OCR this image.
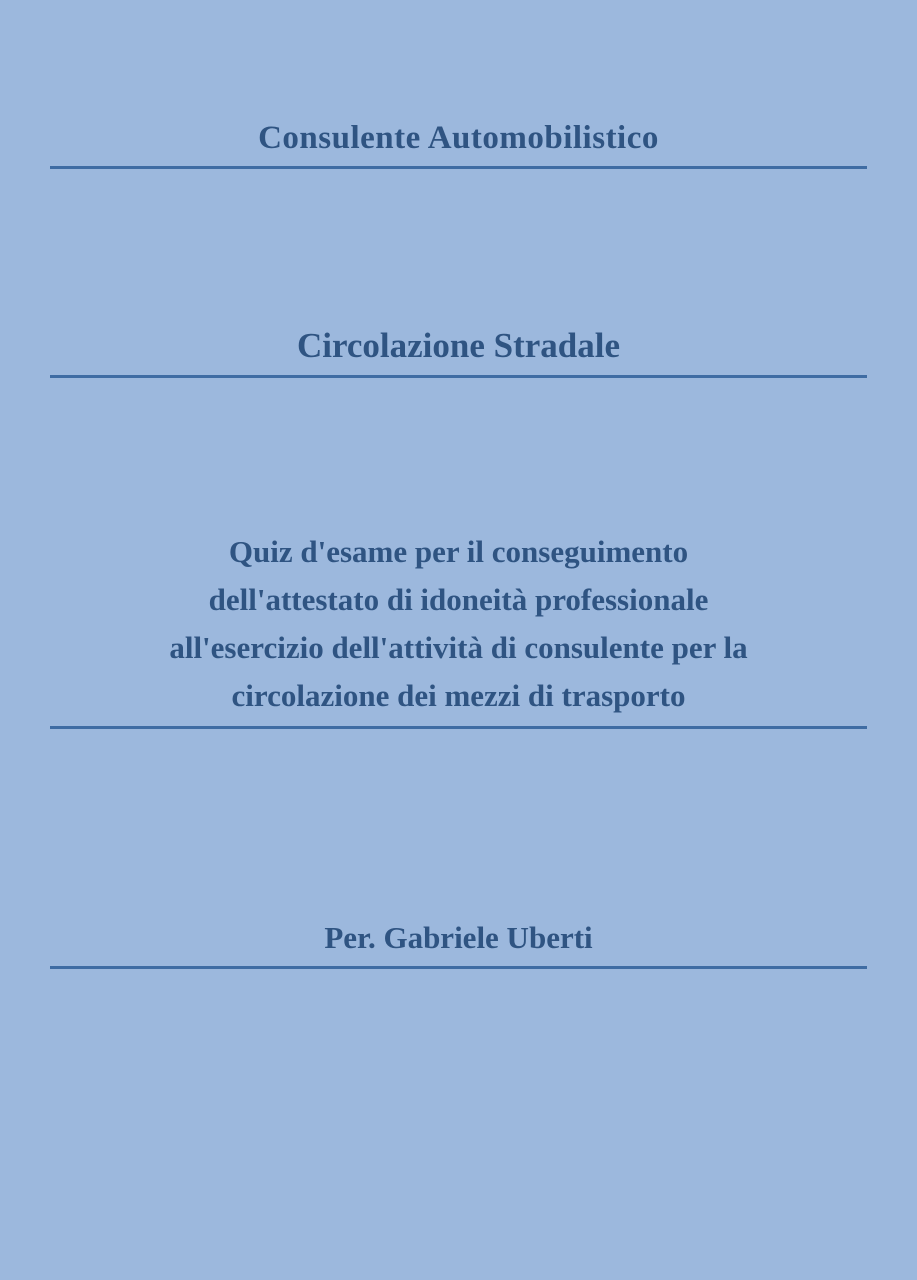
Consulente Automobilistico
Circolazione Stradale
Quiz d'esame per il conseguimento
dell'attestato di idoneità professionale
all'esercizio dell'attività di consulente per la
circolazione dei mezzi di trasporto
Per. Gabriele Uberti
